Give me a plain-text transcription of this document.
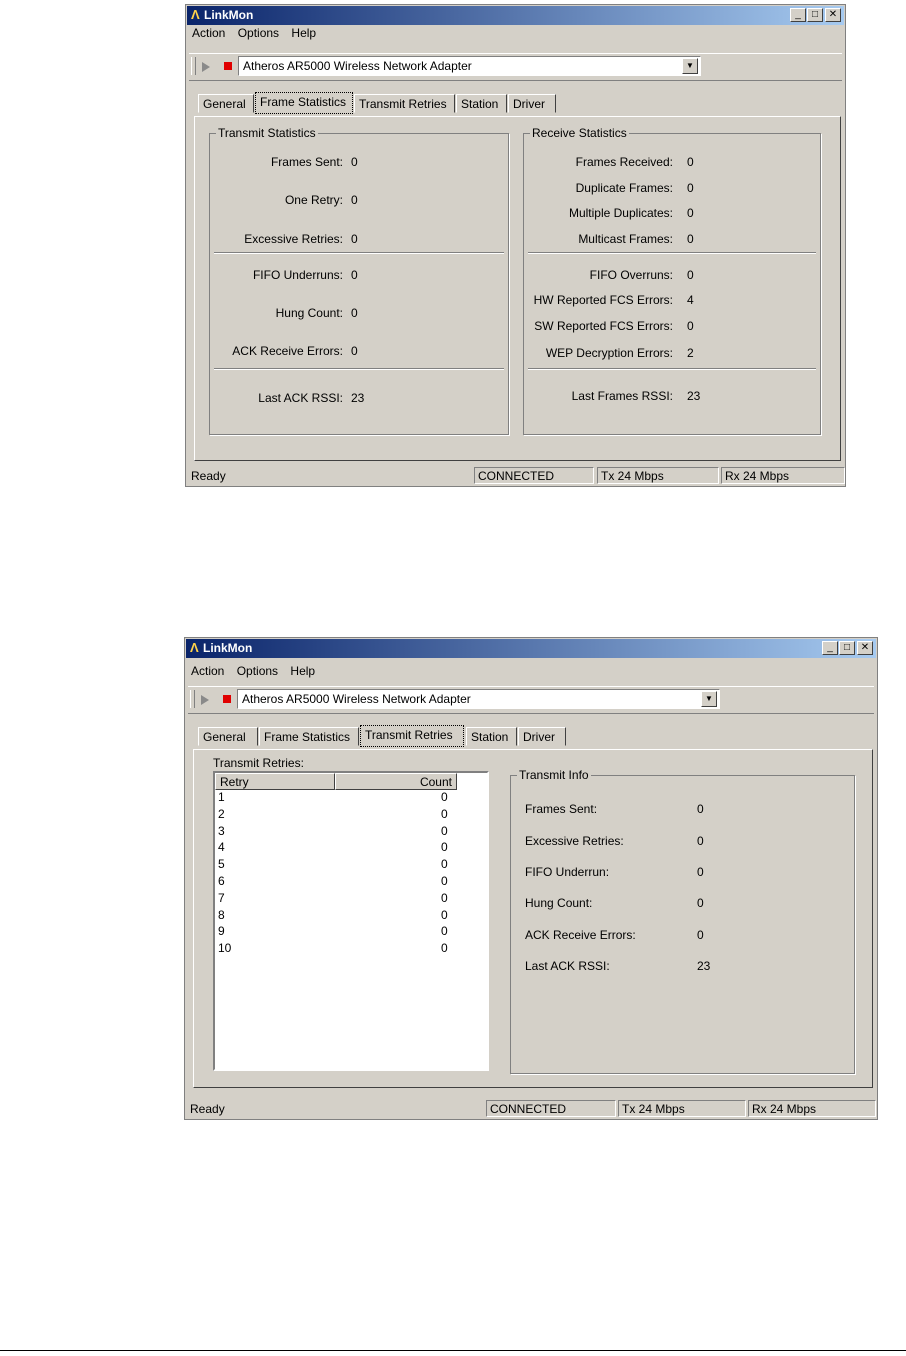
Λ LinkMon	_	□	✕
Action Options Help
Atheros AR5000 Wireless Network Adapter	▼
General	Frame Statistics	Transmit Retries	Station	Driver
Transmit Statistics
Frames Sent: 0
One Retry: 0
Excessive Retries: 0
FIFO Underruns: 0
Hung Count: 0
ACK Receive Errors: 0
Last ACK RSSI: 23
Receive Statistics
Frames Received: 0
Duplicate Frames: 0
Multiple Duplicates: 0
Multicast Frames: 0
FIFO Overruns: 0
HW Reported FCS Errors: 4
SW Reported FCS Errors: 0
WEP Decryption Errors: 2
Last Frames RSSI: 23
Ready	CONNECTED	Tx 24 Mbps	Rx 24 Mbps
Λ LinkMon	_	□	✕
Action Options Help
Atheros AR5000 Wireless Network Adapter	▼
General	Frame Statistics	Transmit Retries	Station	Driver
Transmit Retries:
Retry	Count
1	0
2	0
3	0
4	0
5	0
6	0
7	0
8	0
9	0
10	0
Transmit Info
Frames Sent:	0
Excessive Retries:	0
FIFO Underrun:	0
Hung Count:	0
ACK Receive Errors:	0
Last ACK RSSI:	23
Ready	CONNECTED	Tx 24 Mbps	Rx 24 Mbps
